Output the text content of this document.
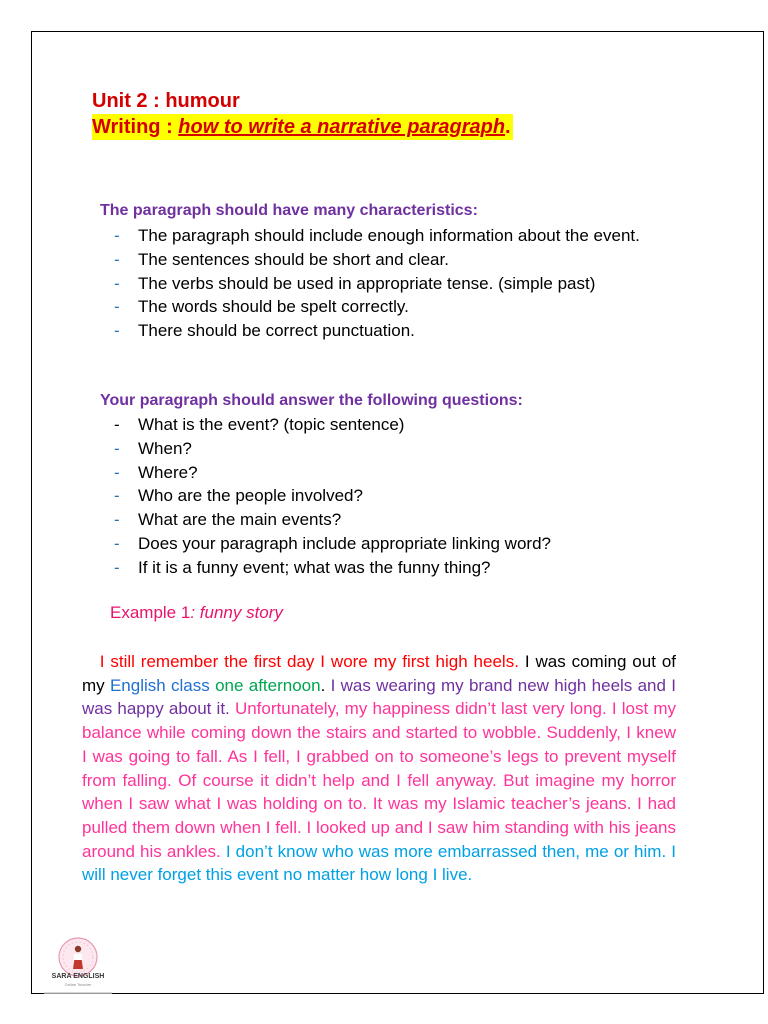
Unit 2 : humour
Writing : how to write a narrative paragraph.
The paragraph should have many characteristics:
- The paragraph should include enough information about the event.
- The sentences should be short and clear.
- The verbs should be used in appropriate tense. (simple past)
- The words should be spelt correctly.
- There should be correct punctuation.
Your paragraph should answer the following questions:
- What is the event? (topic sentence)
- When?
- Where?
- Who are the people involved?
- What are the main events?
- Does your paragraph include appropriate linking word?
- If it is a funny event; what was the funny thing?
Example 1: funny story
I still remember the first day I wore my first high heels. I was coming out of my English class one afternoon. I was wearing my brand new high heels and I was happy about it. Unfortunately, my happiness didn’t last very long. I lost my balance while coming down the stairs and started to wobble. Suddenly, I knew I was going to fall. As I fell, I grabbed on to someone’s legs to prevent myself from falling. Of course it didn’t help and I fell anyway. But imagine my horror when I saw what I was holding on to. It was my Islamic teacher’s jeans. I had pulled them down when I fell. I looked up and I saw him standing with his jeans around his ankles. I don’t know who was more embarrassed then, me or him. I will never forget this event no matter how long I live.
SARA ENGLISH
Online Teacher
